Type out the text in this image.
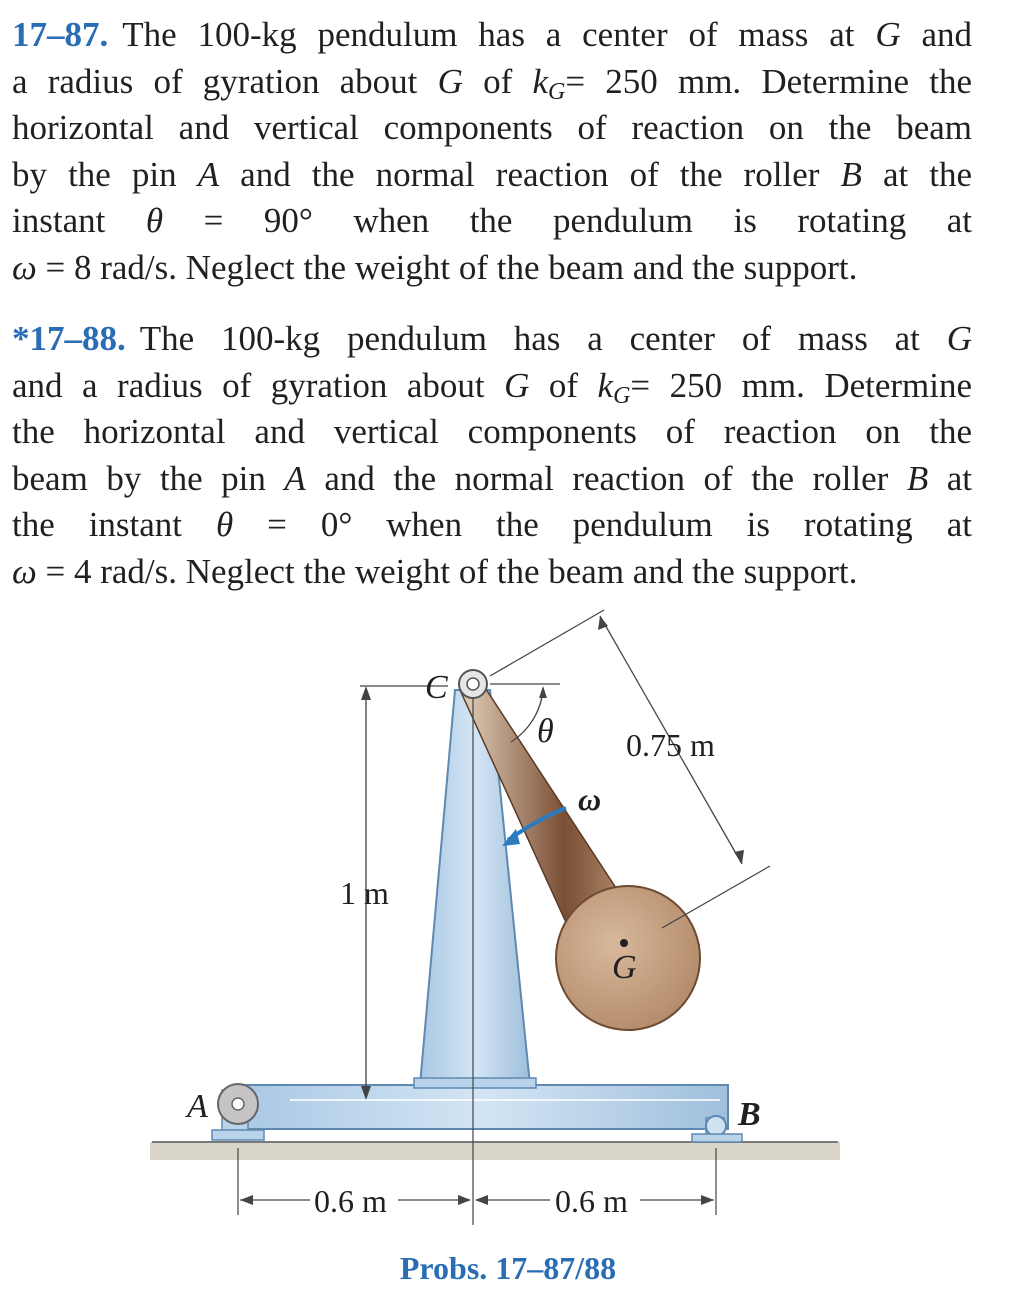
17–87. The 100-kg pendulum has a center of mass at G and
a radius of gyration about G of $k_G= 250$ mm. Determine the
horizontal and vertical components of reaction on the beam
by the pin A and the normal reaction of the roller B at the
instant θ = 90° when the pendulum is rotating at
ω = 8 rad/s. Neglect the weight of the beam and the support.
*17–88. The 100-kg pendulum has a center of mass at G
and a radius of gyration about G of $k_G= 250$ mm. Determine
the horizontal and vertical components of reaction on the
beam by the pin A and the normal reaction of the roller B at
the instant θ = 0° when the pendulum is rotating at
ω = 4 rad/s. Neglect the weight of the beam and the support.
C
θ
ω
G
A	B
0.75 m
1 m
0.6 m	0.6 m
Probs. 17–87/88
